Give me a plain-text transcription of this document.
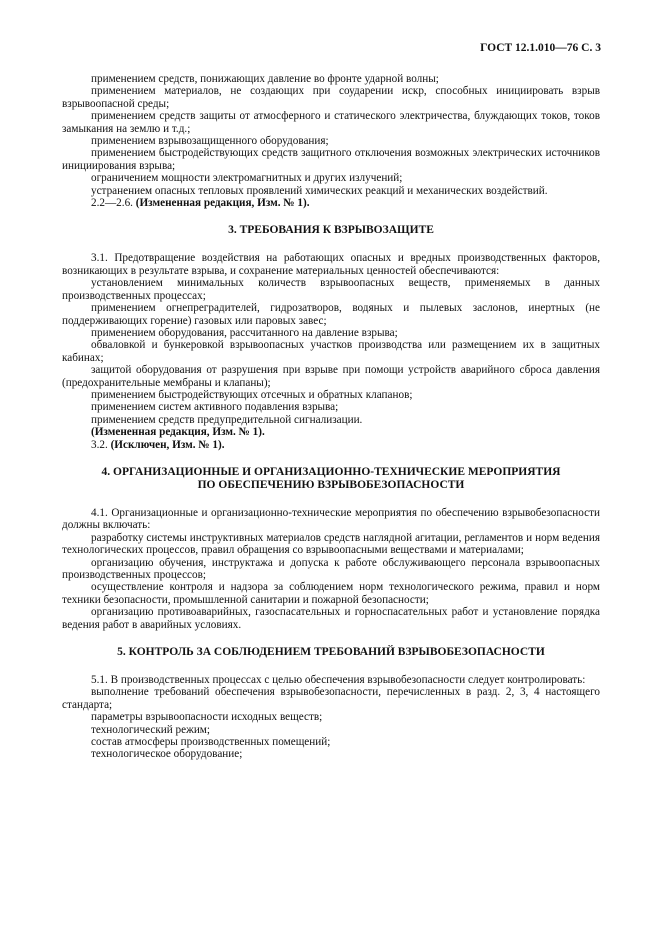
ГОСТ 12.1.010—76 С. 3

применением средств, понижающих давление во фронте ударной волны;

применением материалов, не создающих при соударении искр, способных инициировать взрыв взрывоопасной среды;

применением средств защиты от атмосферного и статического электричества, блуждающих токов, токов замыкания на землю и т.д.;

применением взрывозащищенного оборудования;

применением быстродействующих средств защитного отключения возможных электрических источников инициирования взрыва;

ограничением мощности электромагнитных и других излучений;

устранением опасных тепловых проявлений химических реакций и механических воздействий.

2.2—2.6. (Измененная редакция, Изм. № 1).

3. ТРЕБОВАНИЯ К ВЗРЫВОЗАЩИТЕ

3.1. Предотвращение воздействия на работающих опасных и вредных производственных факторов, возникающих в результате взрыва, и сохранение материальных ценностей обеспечиваются:

установлением минимальных количеств взрывоопасных веществ, применяемых в данных производственных процессах;

применением огнепреградителей, гидрозатворов, водяных и пылевых заслонов, инертных (не поддерживающих горение) газовых или паровых завес;

применением оборудования, рассчитанного на давление взрыва;

обваловкой и бункеровкой взрывоопасных участков производства или размещением их в защитных кабинах;

защитой оборудования от разрушения при взрыве при помощи устройств аварийного сброса давления (предохранительные мембраны и клапаны);

применением быстродействующих отсечных и обратных клапанов;

применением систем активного подавления взрыва;

применением средств предупредительной сигнализации.

(Измененная редакция, Изм. № 1).

3.2. (Исключен, Изм. № 1).

4. ОРГАНИЗАЦИОННЫЕ И ОРГАНИЗАЦИОННО-ТЕХНИЧЕСКИЕ МЕРОПРИЯТИЯ
ПО ОБЕСПЕЧЕНИЮ ВЗРЫВОБЕЗОПАСНОСТИ

4.1. Организационные и организационно-технические мероприятия по обеспечению взрывобезопасности должны включать:

разработку системы инструктивных материалов средств наглядной агитации, регламентов и норм ведения технологических процессов, правил обращения со взрывоопасными веществами и материалами;

организацию обучения, инструктажа и допуска к работе обслуживающего персонала взрывоопасных производственных процессов;

осуществление контроля и надзора за соблюдением норм технологического режима, правил и норм техники безопасности, промышленной санитарии и пожарной безопасности;

организацию противоаварийных, газоспасательных и горноспасательных работ и установление порядка ведения работ в аварийных условиях.

5. КОНТРОЛЬ ЗА СОБЛЮДЕНИЕМ ТРЕБОВАНИЙ ВЗРЫВОБЕЗОПАСНОСТИ

5.1. В производственных процессах с целью обеспечения взрывобезопасности следует контролировать:

выполнение требований обеспечения взрывобезопасности, перечисленных в разд. 2, 3, 4 настоящего стандарта;

параметры взрывоопасности исходных веществ;

технологический режим;

состав атмосферы производственных помещений;

технологическое оборудование;
